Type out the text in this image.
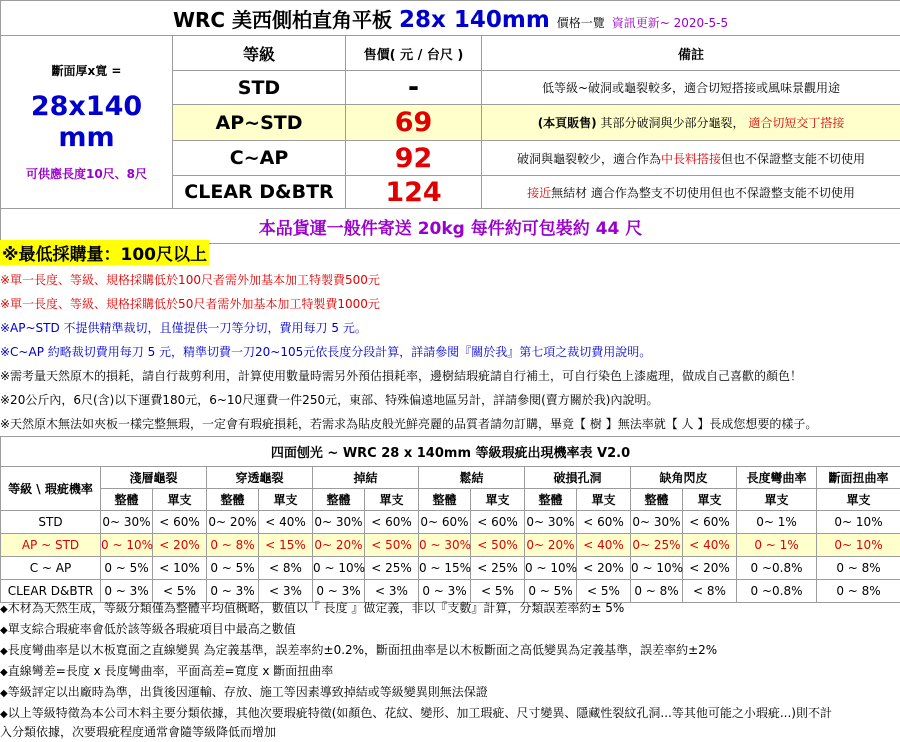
WRC 美西側柏直角平板 28x 140mm 價格一覽 資訊更新~ 2020-5-5			

斷面厚x寬 =
28x140 mm
可供應長度10尺、8尺	等級	售價( 元 / 台尺 )	備註
	STD	-	低等級~破洞或龜裂較多，適合切短搭接或風味景觀用途
	AP~STD	69	(本頁販售) 其部分破洞與少部分龜裂， 適合切短交丁搭接
	C~AP	92	破洞與龜裂較少，適合作為中長料搭接但也不保證整支能不切使用
	CLEAR D&BTR	124	接近無結材 適合作為整支不切使用但也不保證整支能不切使用
本品貨運一般件寄送 20kg 每件約可包裝約 44 尺			
※最低採購量：100尺以上
※單一長度、等級、規格採購低於100尺者需外加基本加工特製費500元
※單一長度、等級、規格採購低於50尺者需外加基本加工特製費1000元
※AP~STD 不提供精準裁切，且僅提供一刀等分切，費用每刀 5 元。
※C~AP 約略裁切費用每刀 5 元，精準切費一刀20~105元依長度分段計算，詳請參閱『關於我』第七項之裁切費用說明。
※需考量天然原木的損耗，請自行裁剪利用，計算使用數量時需另外預估損耗率，邊樹結瑕疵請自行補土，可自行染色上漆處理，做成自己喜歡的顏色！
※20公斤內，6尺(含)以下運費180元，6~10尺運費一件250元，東部、特殊偏遠地區另計，詳請參閱(賣方關於我)內說明。
※天然原木無法如夾板一樣完整無瑕，一定會有瑕疵損耗，若需求為貼皮般光鮮亮麗的品質者請勿訂購，畢竟【 樹 】無法率就【 人 】長成您想要的樣子。
四面刨光 ~ WRC 28 x 140mm 等級瑕疵出現機率表 V2.0														
等級 \ 瑕疵機率	淺層龜裂		穿透龜裂		掉結		鬆結		破損孔洞		缺角閃皮		長度彎曲率	斷面扭曲率
	整體	單支	整體	單支	整體	單支	整體	單支	整體	單支	整體	單支	單支	單支
STD	0~ 30%	< 60%	0~ 20%	< 40%	0~ 30%	< 60%	0~ 60%	< 60%	0~ 30%	< 60%	0~ 30%	< 60%	0~ 1%	0~ 10%
AP ~ STD	0 ~ 10%	< 20%	0 ~ 8%	< 15%	0~ 20%	< 50%	0 ~ 30%	< 50%	0~ 20%	< 40%	0~ 25%	< 40%	0 ~ 1%	0~ 10%
C ~ AP	0 ~ 5%	< 10%	0 ~ 5%	< 8%	0 ~ 10%	< 25%	0 ~ 15%	< 25%	0 ~ 10%	< 20%	0 ~ 10%	< 20%	0 ~0.8%	0 ~ 8%
CLEAR D&BTR	0 ~ 3%	< 5%	0 ~ 3%	< 3%	0 ~ 3%	< 3%	0 ~ 3%	< 5%	0 ~ 5%	< 5%	0 ~ 8%	< 8%	0 ~0.8%	0 ~ 8%
◆木材為天然生成，等級分類僅為整體平均值概略，數值以『 長度 』做定義，非以『支數』計算，分類誤差率約± 5%
◆單支綜合瑕疵率會低於該等級各瑕疵項目中最高之數值
◆長度彎曲率是以木板寬面之直線變異 為定義基準，誤差率約±0.2%，斷面扭曲率是以木板斷面之高低變異為定義基準，誤差率約±2%
◆直線彎差=長度 x 長度彎曲率，平面高差=寬度 x 斷面扭曲率
◆等級評定以出廠時為準，出貨後因運輸、存放、施工等因素導致掉結或等級變異則無法保證
◆以上等級特徵為本公司木料主要分類依據，其他次要瑕疵特徵(如顏色、花紋、變形、加工瑕疵、尺寸變異、隱藏性裂紋孔洞...等其他可能之小瑕疵...)則不計
入分類依據，次要瑕疵程度通常會隨等級降低而增加
